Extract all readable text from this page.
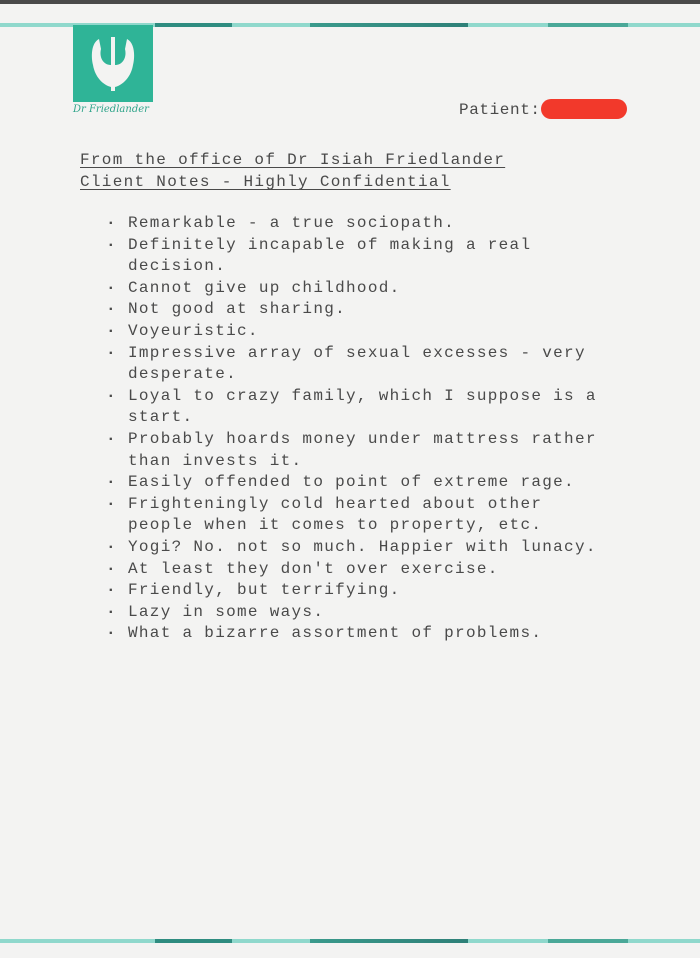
Dr Friedlander	Patient:
From the office of Dr Isiah Friedlander
Client Notes - Highly Confidential
· Remarkable - a true sociopath.
· Definitely incapable of making a real decision.
· Cannot give up childhood.
· Not good at sharing.
· Voyeuristic.
· Impressive array of sexual excesses - very desperate.
· Loyal to crazy family, which I suppose is a start.
· Probably hoards money under mattress rather than invests it.
· Easily offended to point of extreme rage.
· Frighteningly cold hearted about other people when it comes to property, etc.
· Yogi? No. not so much. Happier with lunacy.
· At least they don't over exercise.
· Friendly, but terrifying.
· Lazy in some ways.
· What a bizarre assortment of problems.
